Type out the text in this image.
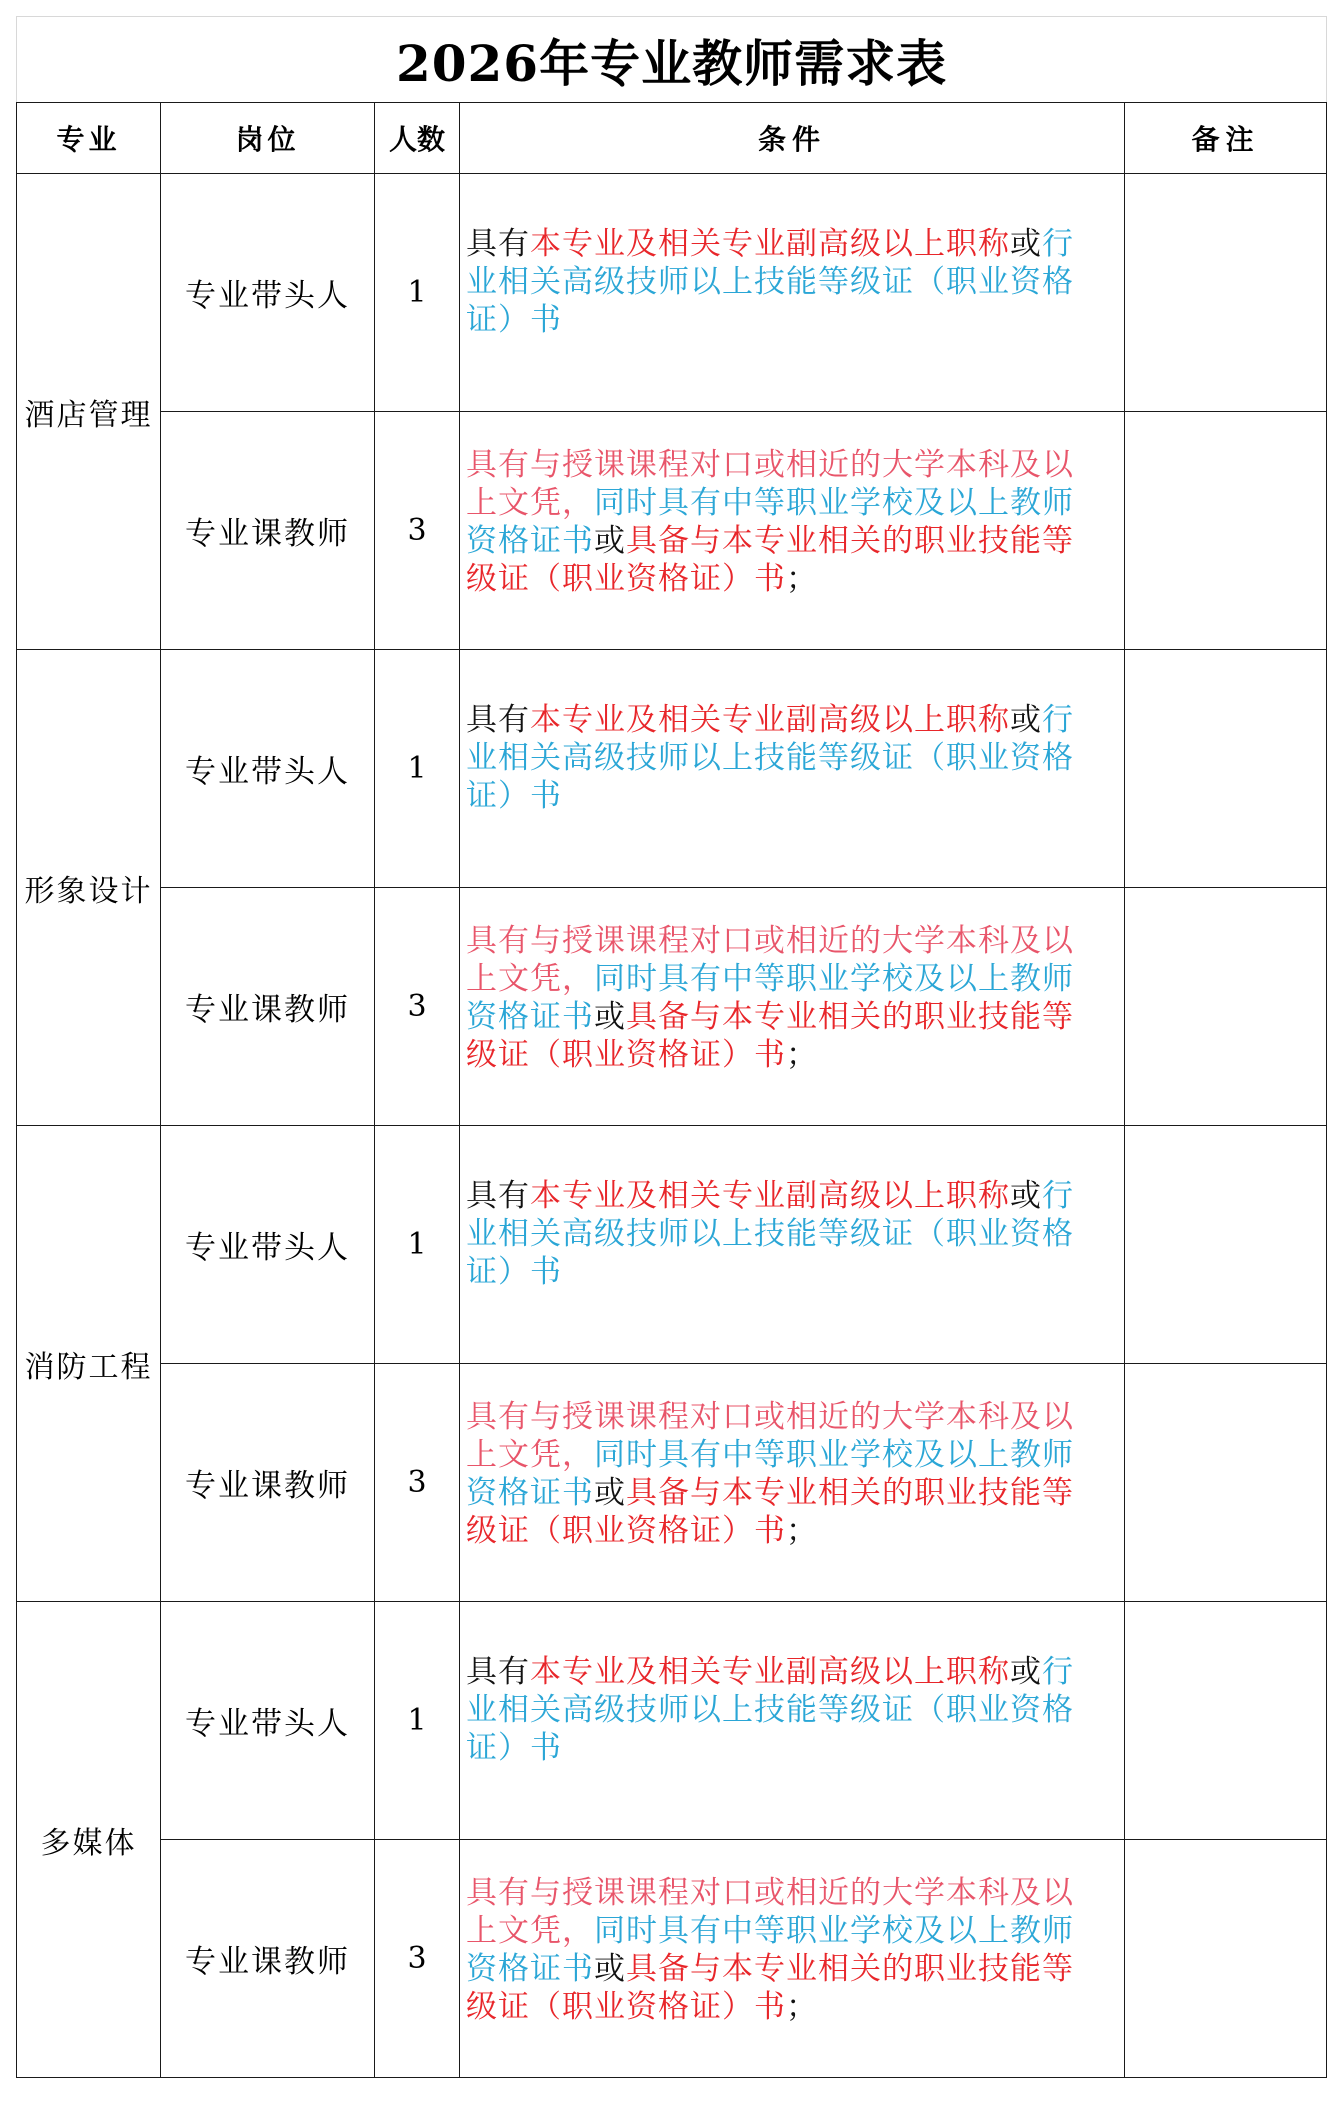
2026年专业教师需求表				
专业	岗位	人数	条件	备注
酒店管理	专业带头人	1	具有本专业及相关专业副高级以上职称或行业相关高级技师以上技能等级证（职业资格证）书	
	专业课教师	3	具有与授课课程对口或相近的大学本科及以上文凭，同时具有中等职业学校及以上教师资格证书或具备与本专业相关的职业技能等级证（职业资格证）书；	
形象设计	专业带头人	1	具有本专业及相关专业副高级以上职称或行业相关高级技师以上技能等级证（职业资格证）书	
	专业课教师	3	具有与授课课程对口或相近的大学本科及以上文凭，同时具有中等职业学校及以上教师资格证书或具备与本专业相关的职业技能等级证（职业资格证）书；	
消防工程	专业带头人	1	具有本专业及相关专业副高级以上职称或行业相关高级技师以上技能等级证（职业资格证）书	
	专业课教师	3	具有与授课课程对口或相近的大学本科及以上文凭，同时具有中等职业学校及以上教师资格证书或具备与本专业相关的职业技能等级证（职业资格证）书；	
多媒体	专业带头人	1	具有本专业及相关专业副高级以上职称或行业相关高级技师以上技能等级证（职业资格证）书	
	专业课教师	3	具有与授课课程对口或相近的大学本科及以上文凭，同时具有中等职业学校及以上教师资格证书或具备与本专业相关的职业技能等级证（职业资格证）书；	
